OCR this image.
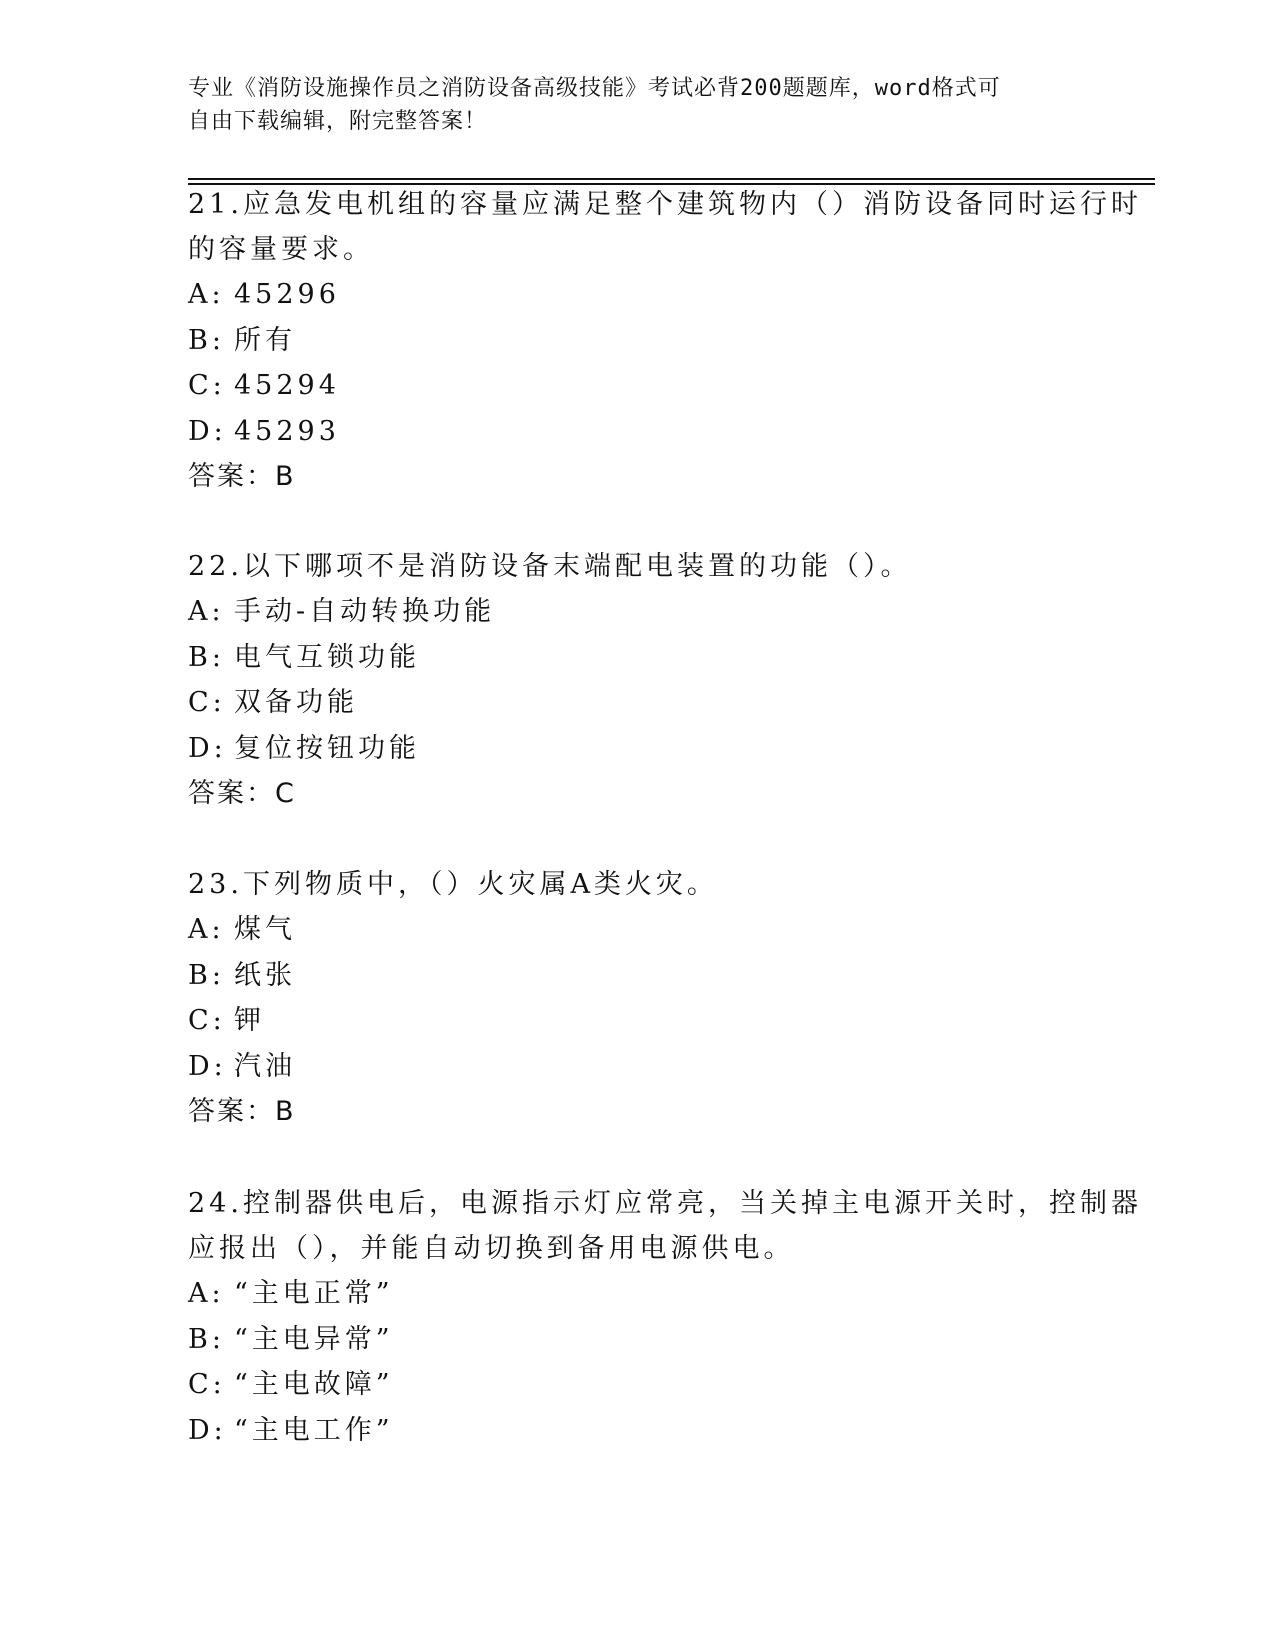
专业《消防设施操作员之消防设备高级技能》考试必背200题题库，word格式可
自由下载编辑，附完整答案！
21.应急发电机组的容量应满足整个建筑物内（）消防设备同时运行时
的容量要求。
A: 45296
B: 所有
C: 45294
D: 45293
答案：B
22.以下哪项不是消防设备末端配电装置的功能（）。
A: 手动-自动转换功能
B: 电气互锁功能
C: 双备功能
D: 复位按钮功能
答案：C
23.下列物质中，（）火灾属A类火灾。
A: 煤气
B: 纸张
C: 钾
D: 汽油
答案：B
24.控制器供电后，电源指示灯应常亮，当关掉主电源开关时，控制器
应报出（），并能自动切换到备用电源供电。
A: “主电正常”
B: “主电异常”
C: “主电故障”
D: “主电工作”
